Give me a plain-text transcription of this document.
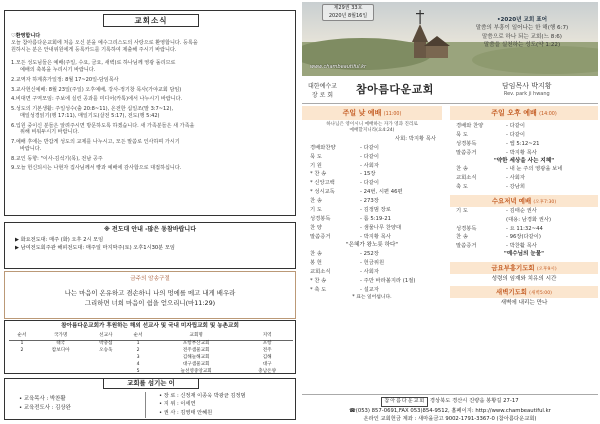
교회소식
♡환영합니다
오늘 참아름다운교회에 처음 오신 분을 예수그리스도의 사랑으로 환영합니다. 등록을
원하시는 분은 안내위원에게 등록카드를 기록하여 제출해 주시기 바랍니다.
1.모든 성도님들은 예배(주일, 수요, 금요, 새벽)로 하나님께 영광 돌리므로
예배의 축복을 누리시기 바랍니다.
2.교역자 하계휴가일정: 8월 17~20일-담임목사
3.교사헌신예배: 8월 23일(주일) 오후예배, 강사-정기창 목사(가야교회 담임)
4.비대면 구역모임: 주보에 실린 공과를 미디어(카톡)에서 나누시기 바랍니다.
5.성도의 기본생활: 주일성수(출 20:8~11), 온전한 십일조(말 3:7~12),
매일성경읽기(행 17:11), 매일기도(살전 5:17), 전도(행 5:42)
6.입원 중이신 분들은 알려주시면 방문하도록 하겠습니다. 새 가족분들은 새 가족을
위해 비워두시기 바랍니다.
7.예배 후에는 반갑게 성도의 교제를 나누시고, 모든 말씀로 인사하며 가시기
바랍니다.
8.교인 동향: "이사-김석기(목), 전남 공주
9.오늘 헌신되시는 나현자 집사님께서 빵과 예배에 감사합으로 대접하십니다.
※ 전도대 안내 -많은 동참바랍니다
▶ 화요전도대: 매주 (화) 오후 2시 모임
▶ 남여전도회주관 해피전도대: 매주일 마지막주(토) 오후1시30분 모임
금주의 암송구절
나는 마음이 온유하고 겸손하니 나의 멍에를 메고 내게 배우라
그리하면 너희 마음이 쉼을 얻으리니(마11:29)
참아름다운교회가 후원하는 해외 선교사 및 국내 미자립교회 및 농촌교회
순서	국가명	선교사	순서	교회명	지역
1	태국	박충섭	1	포항부산교회	포항
2	캄보디아	오승욱	2	전주샘물교회	전주
			3	김해늘해교회	김해
			4	대구샘물교회	대구
			5	늘선영중앙교회	충남온양
교회를 섬기는 이
• 교육목사 : 박찬활
• 교육전도사 : 김상완
• 장 로 : 신정재 이종욱 박광균 김정범
• 지 위 : 이세연
• 권 사 : 김영태 안혜원
제29권 33호
2020년 8월16일
•2020년 교회 표어
말씀의 부흥이 일어나는 한 해(행 6:7)
말씀으로 하나 되는 교회(느 8:6)
말씀을 실천하는 성도(약 1:22)
www.chambeautiful.kr
대한예수교
장 로 회	참아름다운교회	담임목사 박지황
Rev. park ji hwang
주일 낮 예배 (11:00)
하나님은 영이시니 예배하는 자가 영과 진리로
예배할지니라(요4:24)
사회: 박지황 목사
경배와찬양	- 다같이
묵 도	- 다같이
기 원	- 사회자
* 찬 송	- 15장
* 신앙고백	- 다같이
* 성시교독	- 24번, 시편 46편
찬 송	- 273장
기 도	- 김정범 장로
성경봉독	- 롬 5:19-21
찬 양	- 샘물나무 찬양대
말씀증거	- 박지황 목사
"은혜가 왕노릇 하다"
찬 송	- 252장
봉 헌	- 헌금위원
교회소식	- 사회자
* 찬 송	- 주만 바라볼지라 (1절)
* 축 도	- 설교자
* 표는 일어섭니다.
주일 오후 예배 (14:00)
경배와 찬양	- 다같이
묵 도	- 다같이
성경봉독	- 엡 5:12~21
말씀증거	- 박지황 목사
"약한 세상을 사는 지혜"
찬 송	- 내 눈 주의 영광을 보네
교회소식	- 사회자
축 도	- 강남희
수요저녁 예배 (오후7:30)
기 도	- 김태순 권사
(대용: 남경화 권사)
성경봉독	- 요 11:32~44
찬 송	- 96장(다같이)
말씀증거	- 박찬활 목사
"예수님의 눈물"
금요부흥기도회 (오후9시)
성령의 임재와 치유의 시간
새벽기도회 (새벽5:00)
새벽에 내리는 만나
참아름다운교회 경상북도 경산시 진량읍 봉황길 27-17
☎(053) 857-0691,FAX 053)854-9512, 홈페이지: http://www.chambeautiful.kr
온라인 교회헌금 계좌 : 새마을금고 9002-1791-3367-0 (참아름다운교회)
